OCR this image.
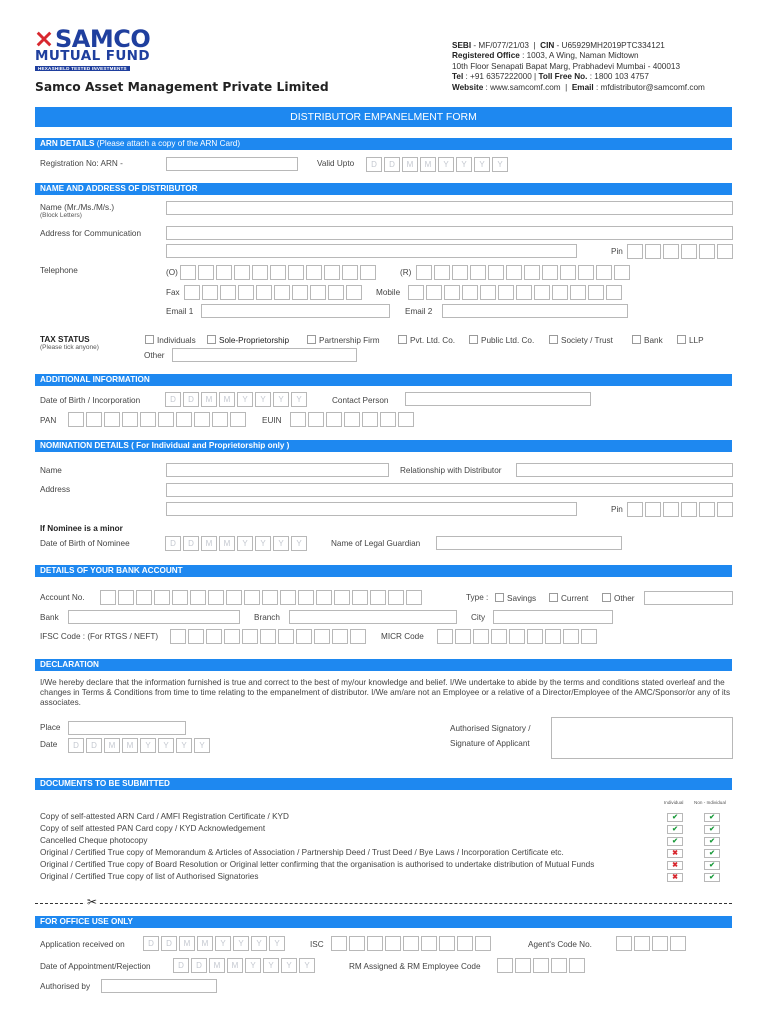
SAMCO
MUTUAL FUND
HEXASHIELD TESTED INVESTMENTS
Samco Asset Management Private Limited
SEBI - MF/077/21/03  |  CIN - U65929MH2019PTC334121
Registered Office : 1003, A Wing, Naman Midtown
10th Floor Senapati Bapat Marg, Prabhadevi Mumbai - 400013
Tel : +91 6357222000 | Toll Free No. : 1800 103 4757
Website : www.samcomf.com  |  Email : mfdistributor@samcomf.com
DISTRIBUTOR EMPANELMENT FORM
ARN DETAILS (Please attach a copy of the ARN Card)
Registration No: ARN -	Valid Upto	D	D	M	M	Y	Y	Y	Y
NAME AND ADDRESS OF DISTRIBUTOR
Name (Mr./Ms./M/s.)
(Block Letters)
Address for Communication
Pin
Telephone	(O)	(R)
Fax	Mobile
Email 1	Email 2
TAX STATUS
(Please tick anyone)
Individuals	Sole-Proprietorship	Partnership Firm	Pvt. Ltd. Co.	Public Ltd. Co.	Society / Trust	Bank	LLP
Other
ADDITIONAL INFORMATION
Date of Birth / Incorporation	D	D	M	M	Y	Y	Y	Y	Contact Person
PAN	EUIN
NOMINATION DETAILS ( For Individual and Proprietorship only )
Name	Relationship with Distributor
Address
Pin
If Nominee is a minor
Date of Birth of Nominee	D	D	M	M	Y	Y	Y	Y	Name of Legal Guardian
DETAILS OF YOUR BANK ACCOUNT
Account No.	Type :	Savings	Current	Other
Bank	Branch	City
IFSC Code : (For RTGS / NEFT)	MICR Code
DECLARATION
I/We hereby declare that the information furnished is true and correct to the best of my/our knowledge and belief. I/We undertake to abide by the terms and conditions stated overleaf and the changes in Terms & Conditions from time to time relating to the empanelment of distributor. I/We am/are not an Employee or a relative of a Director/Employee of the AMC/Sponsor/or any of its associates.
Place
Date	D	D	M	M	Y	Y	Y	Y
Authorised Signatory /
Signature of Applicant
DOCUMENTS TO BE SUBMITTED
Individual Non - Individual
Copy of self-attested ARN Card / AMFI Registration Certificate / KYD	✔	✔
Copy of self attested PAN Card copy / KYD Acknowledgement	✔	✔
Cancelled Cheque photocopy	✔	✔
Original / Certified True copy of Memorandum & Articles of Association / Partnership Deed / Trust Deed / Bye Laws / Incorporation Certificate etc.	✖	✔
Original / Certified True copy of Board Resolution or Original letter confirming that the organisation is authorised to undertake distribution of Mutual Funds	✖	✔
Original / Certified True copy of list of Authorised Signatories	✖	✔
✂
FOR OFFICE USE ONLY
Application received on	D	D	M	M	Y	Y	Y	Y	ISC	Agent's Code No.
Date of Appointment/Rejection	D	D	M	M	Y	Y	Y	Y	RM Assigned & RM Employee Code
Authorised by
